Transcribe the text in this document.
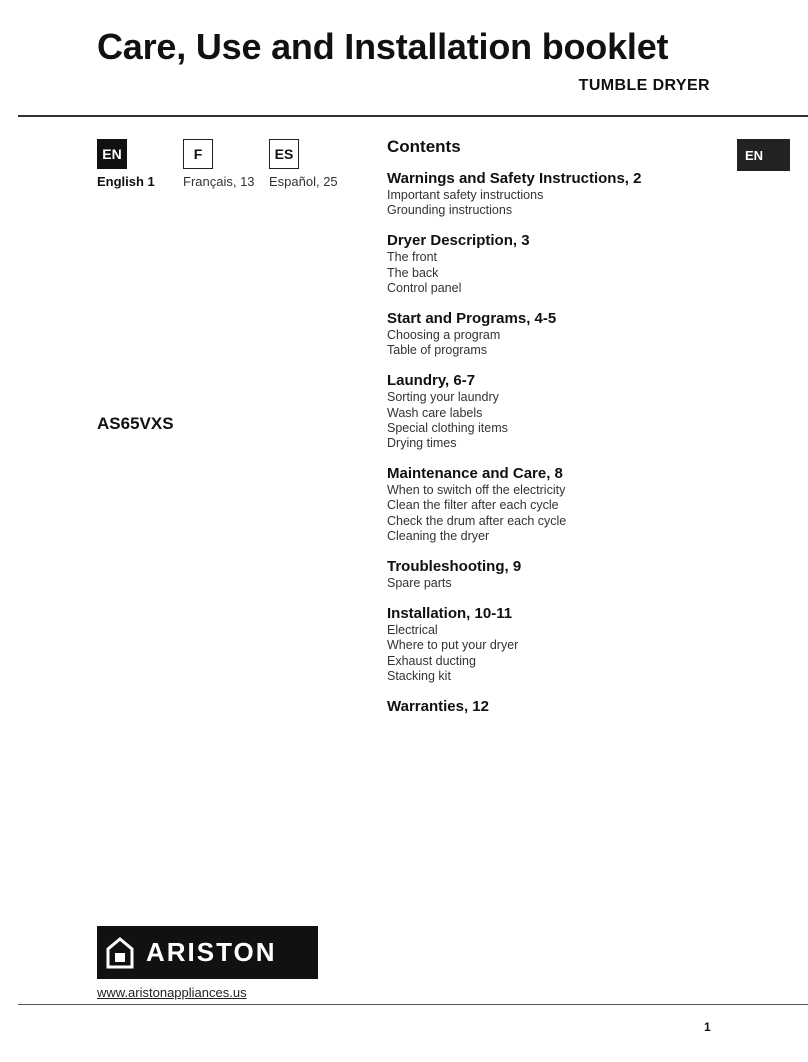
Care, Use and Installation booklet
TUMBLE DRYER
EN	F	ES
English 1 Français, 13 Español, 25
AS65VXS
Contents
Warnings and Safety Instructions, 2
Important safety instructions
Grounding instructions
Dryer Description, 3
The front
The back
Control panel
Start and Programs, 4-5
Choosing a program
Table of programs
Laundry, 6-7
Sorting your laundry
Wash care labels
Special clothing items
Drying times
Maintenance and Care, 8
When to switch off the electricity
Clean the filter after each cycle
Check the drum after each cycle
Cleaning the dryer
Troubleshooting, 9
Spare parts
Installation, 10-11
Electrical
Where to put your dryer
Exhaust ducting
Stacking kit
Warranties, 12
EN
ARISTON
www.aristonappliances.us
1
